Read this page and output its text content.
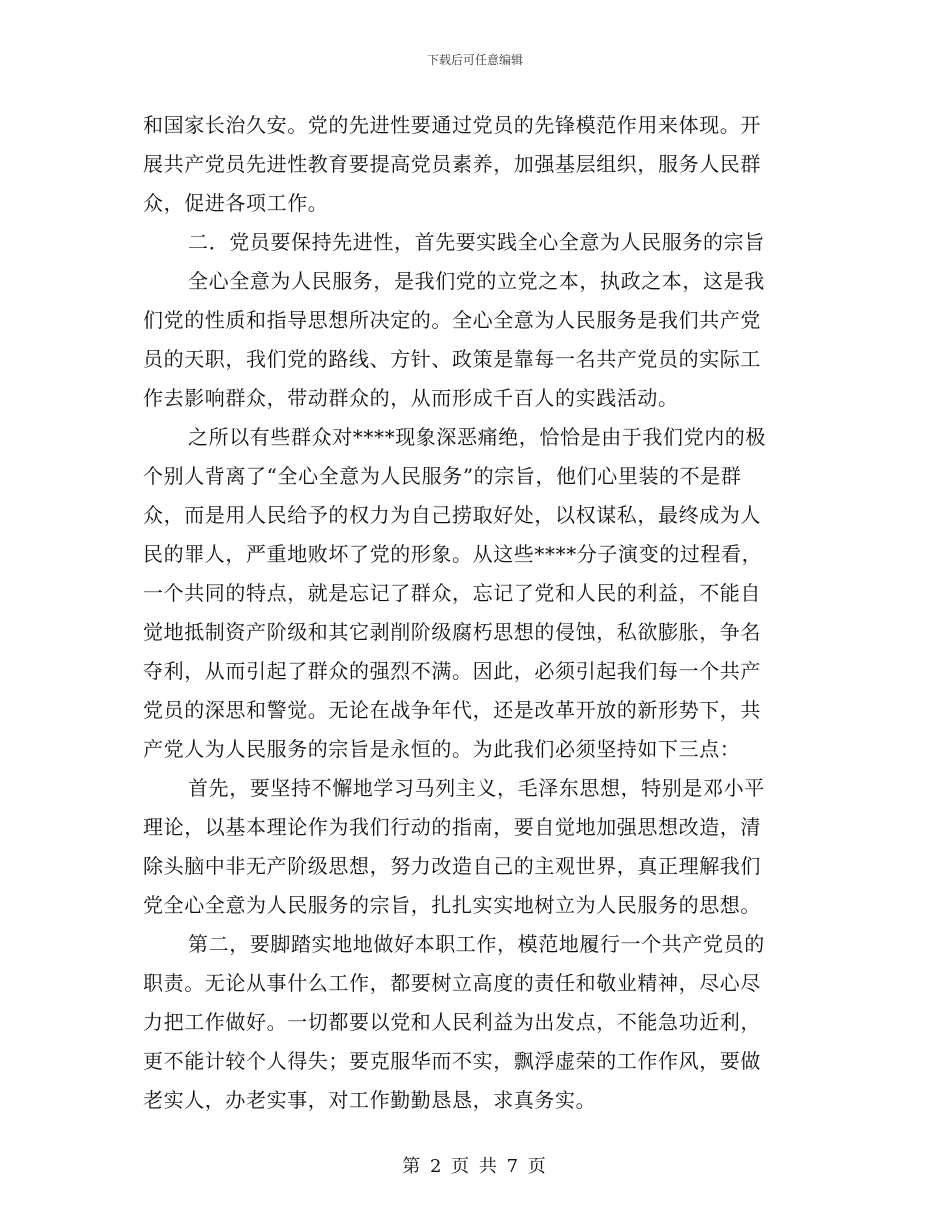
下载后可任意编辑
和国家长治久安。党的先进性要通过党员的先锋模范作用来体现。开
展共产党员先进性教育要提高党员素养，加强基层组织，服务人民群
众，促进各项工作。
二．党员要保持先进性，首先要实践全心全意为人民服务的宗旨
全心全意为人民服务，是我们党的立党之本，执政之本，这是我
们党的性质和指导思想所决定的。全心全意为人民服务是我们共产党
员的天职，我们党的路线、方针、政策是靠每一名共产党员的实际工
作去影响群众，带动群众的，从而形成千百人的实践活动。
之所以有些群众对****现象深恶痛绝，恰恰是由于我们党内的极
个别人背离了“全心全意为人民服务”的宗旨，他们心里装的不是群
众，而是用人民给予的权力为自己捞取好处，以权谋私，最终成为人
民的罪人，严重地败坏了党的形象。从这些****分子演变的过程看，
一个共同的特点，就是忘记了群众，忘记了党和人民的利益，不能自
觉地抵制资产阶级和其它剥削阶级腐朽思想的侵蚀，私欲膨胀，争名
夺利，从而引起了群众的强烈不满。因此，必须引起我们每一个共产
党员的深思和警觉。无论在战争年代，还是改革开放的新形势下，共
产党人为人民服务的宗旨是永恒的。为此我们必须坚持如下三点：
首先，要坚持不懈地学习马列主义，毛泽东思想，特别是邓小平
理论，以基本理论作为我们行动的指南，要自觉地加强思想改造，清
除头脑中非无产阶级思想，努力改造自己的主观世界，真正理解我们
党全心全意为人民服务的宗旨，扎扎实实地树立为人民服务的思想。
第二，要脚踏实地地做好本职工作，模范地履行一个共产党员的
职责。无论从事什么工作，都要树立高度的责任和敬业精神，尽心尽
力把工作做好。一切都要以党和人民利益为出发点，不能急功近利，
更不能计较个人得失；要克服华而不实，飘浮虚荣的工作作风，要做
老实人，办老实事，对工作勤勤恳恳，求真务实。
第 2 页 共 7 页
